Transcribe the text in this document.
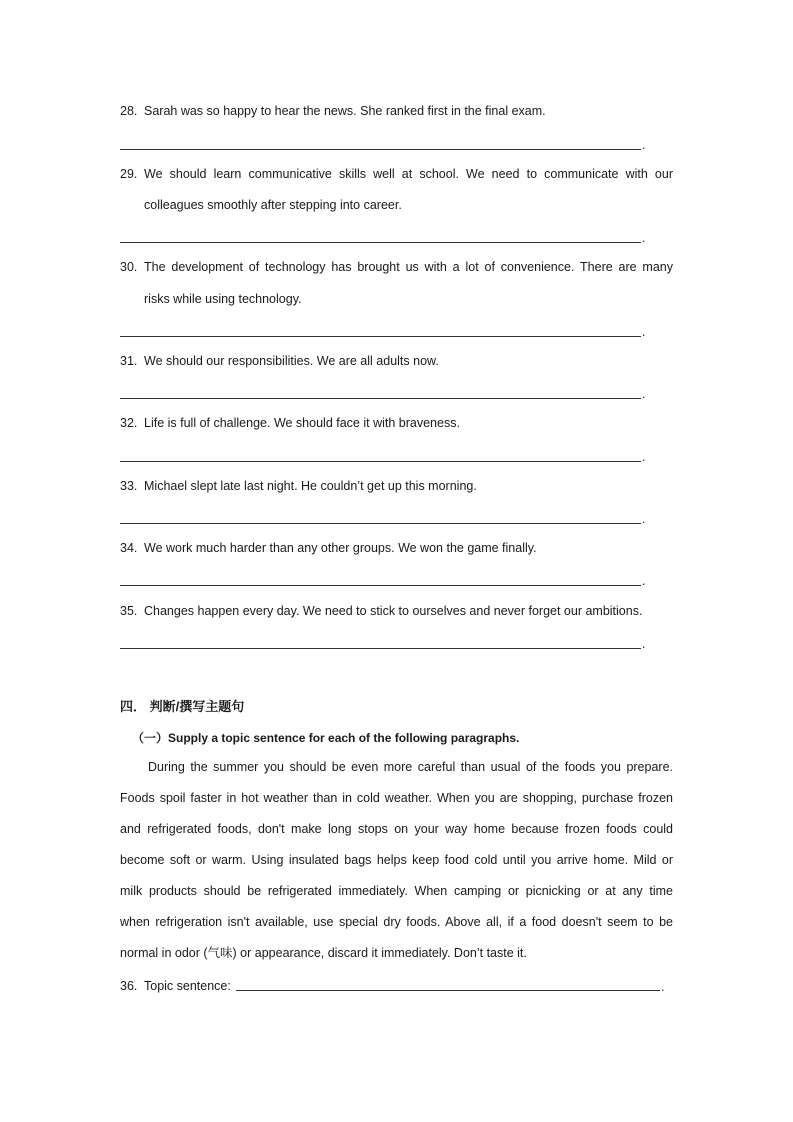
28. Sarah was so happy to hear the news. She ranked first in the final exam.
.
29. We should learn communicative skills well at school. We need to communicate with our
colleagues smoothly after stepping into career.
.
30. The development of technology has brought us with a lot of convenience. There are many
risks while using technology.
.
31. We should our responsibilities. We are all adults now.
.
32. Life is full of challenge. We should face it with braveness.
.
33. Michael slept late last night. He couldn’t get up this morning.
.
34. We work much harder than any other groups. We won the game finally.
.
35. Changes happen every day. We need to stick to ourselves and never forget our ambitions.
.
四． 判断/撰写主题句
（一）Supply a topic sentence for each of the following paragraphs.
During the summer you should be even more careful than usual of the foods you prepare.
Foods spoil faster in hot weather than in cold weather. When you are shopping, purchase frozen
and refrigerated foods, don't make long stops on your way home because frozen foods could
become soft or warm. Using insulated bags helps keep food cold until you arrive home. Mild or
milk products should be refrigerated immediately. When camping or picnicking or at any time
when refrigeration isn't available, use special dry foods. Above all, if a food doesn't seem to be
normal in odor (气味) or appearance, discard it immediately. Don’t taste it.
36. Topic sentence:	.
